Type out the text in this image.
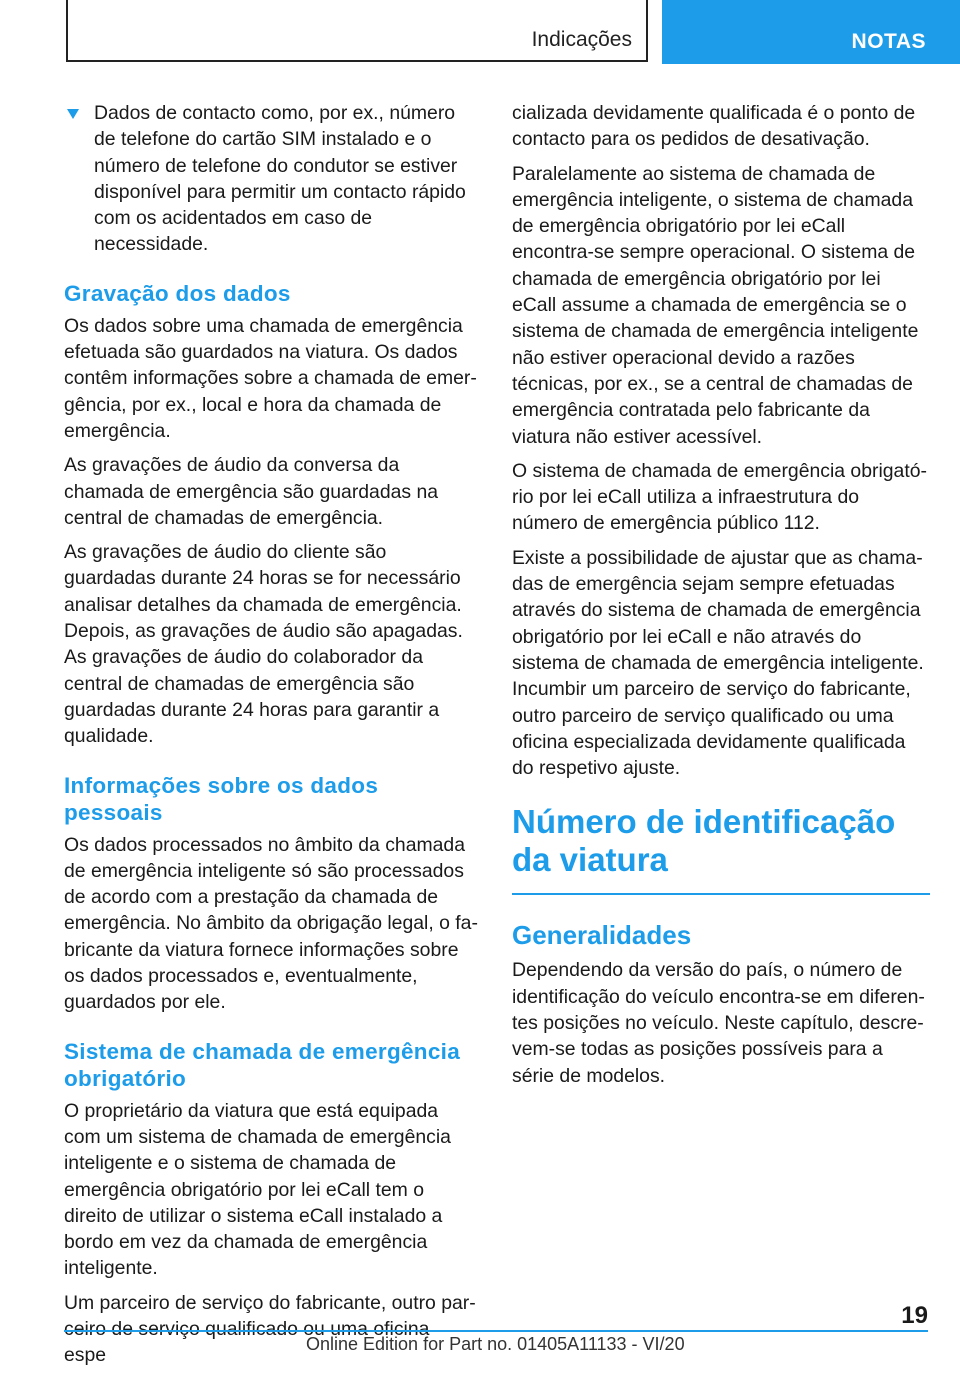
Indicações	NOTAS
Dados de contacto como, por ex., número de telefone do cartão SIM instalado e o número de telefone do condutor se estiver disponível para permitir um contacto rápido com os acidentados em caso de necessidade.
Gravação dos dados

Os dados sobre uma chamada de emergência efetuada são guardados na viatura. Os dados contêm informações sobre a chamada de emergência, por ex., local e hora da chamada de emergência.

As gravações de áudio da conversa da chamada de emergência são guardadas na central de chamadas de emergência.

As gravações de áudio do cliente são guardadas durante 24 horas se for necessário analisar detalhes da chamada de emergência. Depois, as gravações de áudio são apagadas. As gravações de áudio do colaborador da central de chamadas de emergência são guardadas durante 24 horas para garantir a qualidade.

Informações sobre os dados pessoais

Os dados processados no âmbito da chamada de emergência inteligente só são processados de acordo com a prestação da chamada de emergência. No âmbito da obrigação legal, o fabricante da viatura fornece informações sobre os dados processados e, eventualmente, guardados por ele.

Sistema de chamada de emergência obrigatório

O proprietário da viatura que está equipada com um sistema de chamada de emergência inteligente e o sistema de chamada de emergência obrigatório por lei eCall tem o direito de utilizar o sistema eCall instalado a bordo em vez da chamada de emergência inteligente.

Um parceiro de serviço do fabricante, outro parceiro de serviço qualificado ou uma oficina espe

cializada devidamente qualificada é o ponto de contacto para os pedidos de desativação.

Paralelamente ao sistema de chamada de emergência inteligente, o sistema de chamada de emergência obrigatório por lei eCall encontra-se sempre operacional. O sistema de chamada de emergência obrigatório por lei eCall assume a chamada de emergência se o sistema de chamada de emergência inteligente não estiver operacional devido a razões técnicas, por ex., se a central de chamadas de emergência contratada pelo fabricante da viatura não estiver acessível.

O sistema de chamada de emergência obrigatório por lei eCall utiliza a infraestrutura do número de emergência público 112.

Existe a possibilidade de ajustar que as chamadas de emergência sejam sempre efetuadas através do sistema de chamada de emergência obrigatório por lei eCall e não através do sistema de chamada de emergência inteligente. Incumbir um parceiro de serviço do fabricante, outro parceiro de serviço qualificado ou uma oficina especializada devidamente qualificada do respetivo ajuste.

Número de identificação da viatura
Generalidades

Dependendo da versão do país, o número de identificação do veículo encontra-se em diferentes posições no veículo. Neste capítulo, descrevem-se todas as posições possíveis para a série de modelos.

19
Online Edition for Part no. 01405A11133 - VI/20
